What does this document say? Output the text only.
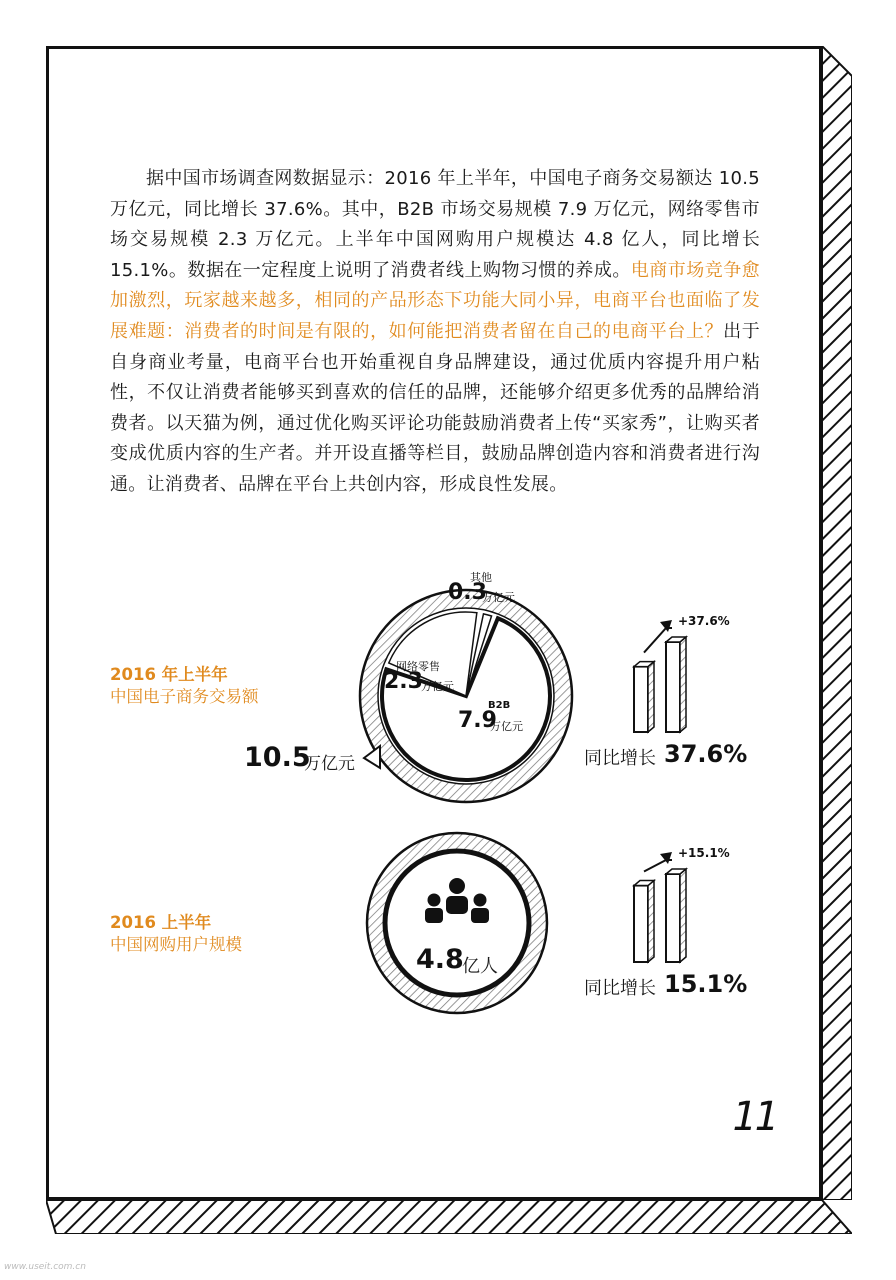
据中国市场调查网数据显示：2016 年上半年，中国电子商务交易额达 10.5 万亿元，同比增长 37.6%。其中，B2B 市场交易规模 7.9 万亿元，网络零售市场交易规模 2.3 万亿元。上半年中国网购用户规模达 4.8 亿人，同比增长 15.1%。数据在一定程度上说明了消费者线上购物习惯的养成。电商市场竞争愈加激烈，玩家越来越多，相同的产品形态下功能大同小异，电商平台也面临了发展难题：消费者的时间是有限的，如何能把消费者留在自己的电商平台上？出于自身商业考量，电商平台也开始重视自身品牌建设，通过优质内容提升用户粘性，不仅让消费者能够买到喜欢的信任的品牌，还能够介绍更多优秀的品牌给消费者。以天猫为例，通过优化购买评论功能鼓励消费者上传“买家秀”，让购买者变成优质内容的生产者。并开设直播等栏目，鼓励品牌创造内容和消费者进行沟通。让消费者、品牌在平台上共创内容，形成良性发展。
2016 年上半年
中国电子商务交易额
其他
0.3
万亿元
网络零售
2.3
万亿元
B2B
7.9
万亿元
10.5
万亿元
+37.6%
同比增长 37.6%
2016 上半年
中国网购用户规模	4.8
亿人
+15.1%
同比增长 15.1%
11
www.useit.com.cn
